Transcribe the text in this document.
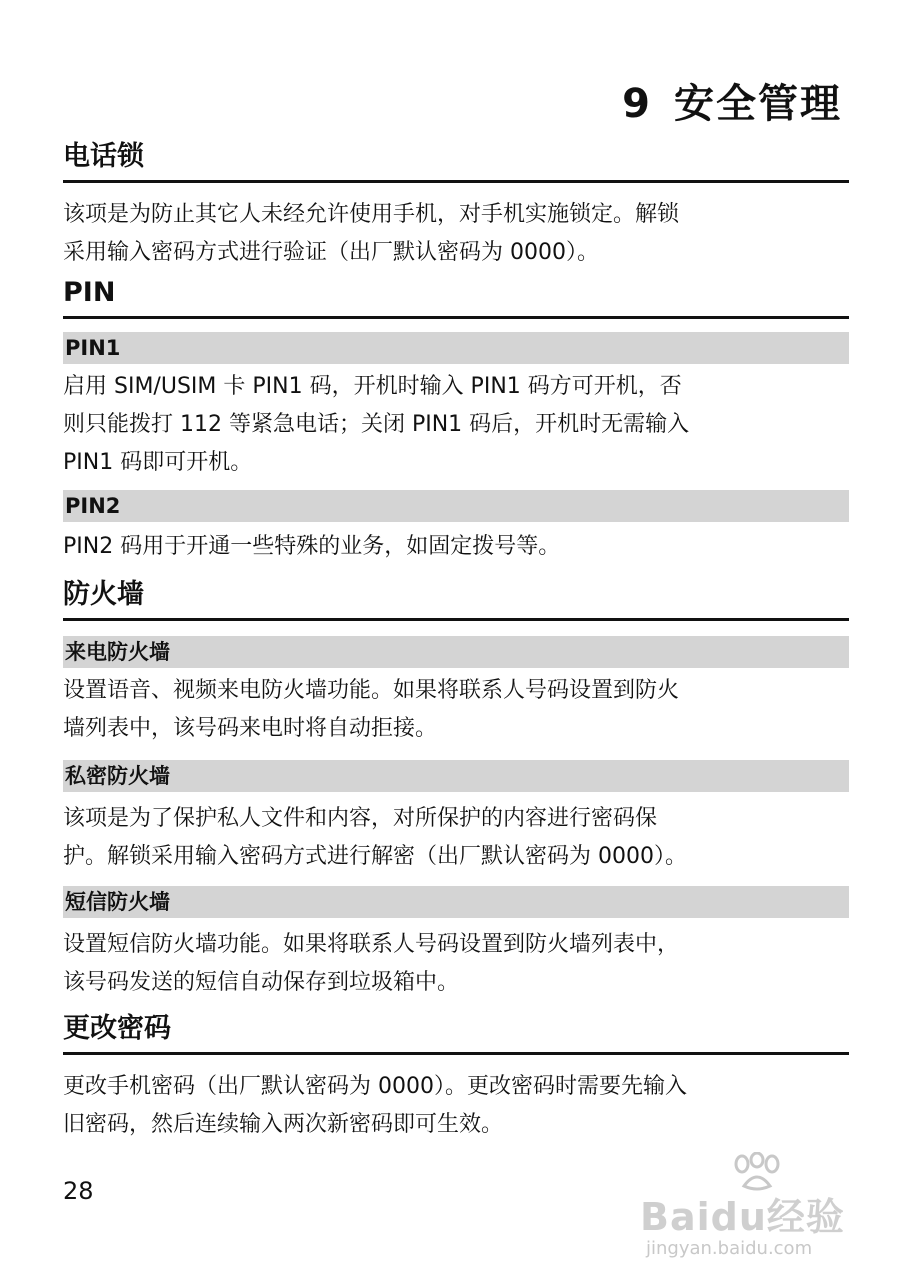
9 安全管理
电话锁
该项是为防止其它人未经允许使用手机，对手机实施锁定。解锁
采用输入密码方式进行验证（出厂默认密码为 0000）。
PIN
PIN1
启用 SIM/USIM 卡 PIN1 码，开机时输入 PIN1 码方可开机，否
则只能拨打 112 等紧急电话；关闭 PIN1 码后，开机时无需输入
PIN1 码即可开机。
PIN2
PIN2 码用于开通一些特殊的业务，如固定拨号等。
防火墙
来电防火墙
设置语音、视频来电防火墙功能。如果将联系人号码设置到防火
墙列表中，该号码来电时将自动拒接。
私密防火墙
该项是为了保护私人文件和内容，对所保护的内容进行密码保
护。解锁采用输入密码方式进行解密（出厂默认密码为 0000）。
短信防火墙
设置短信防火墙功能。如果将联系人号码设置到防火墙列表中，
该号码发送的短信自动保存到垃圾箱中。
更改密码
更改手机密码（出厂默认密码为 0000）。更改密码时需要先输入
旧密码，然后连续输入两次新密码即可生效。
28
Baidu经验
jingyan.baidu.com
